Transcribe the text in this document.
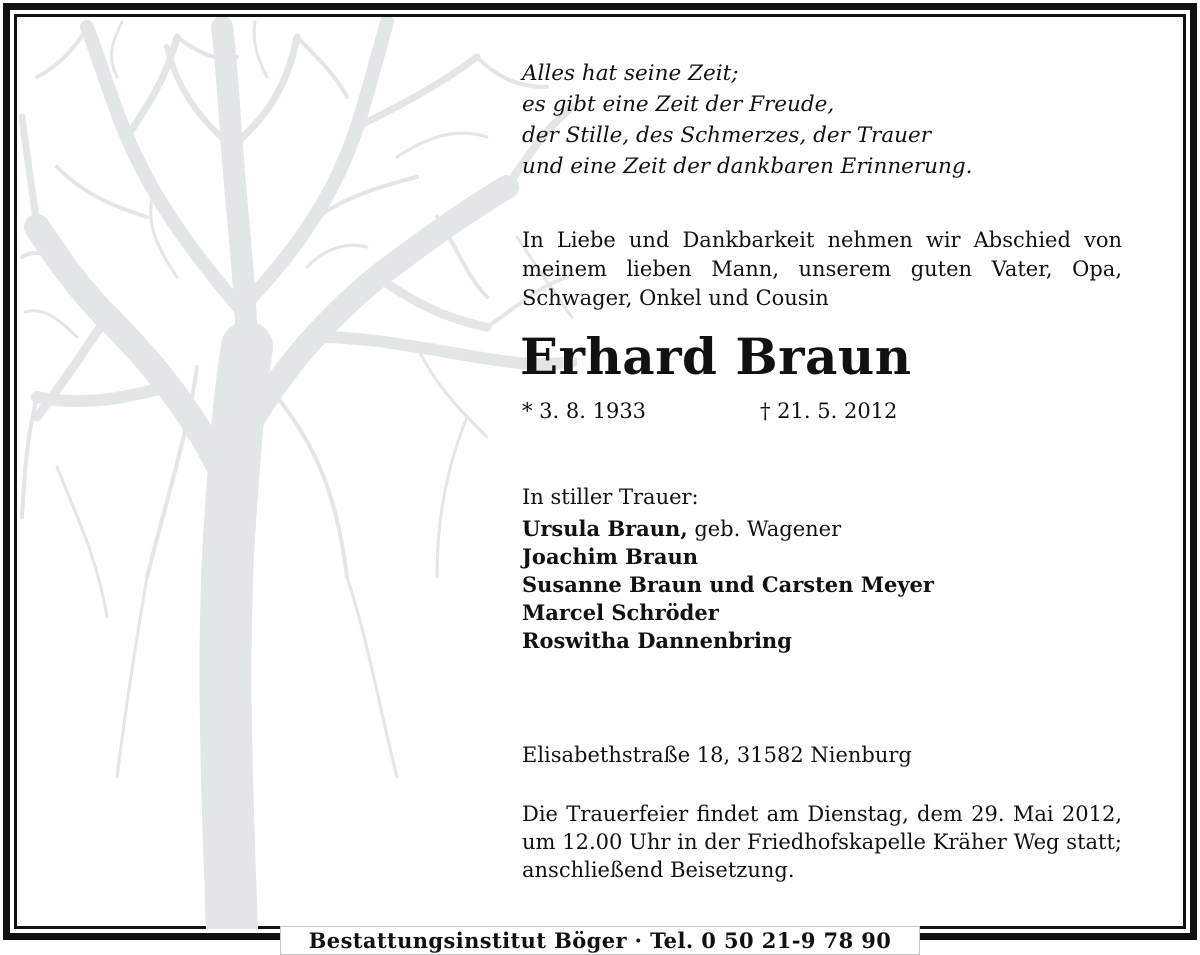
Alles hat seine Zeit;
es gibt eine Zeit der Freude,
der Stille, des Schmerzes, der Trauer
und eine Zeit der dankbaren Erinnerung.
In Liebe und Dankbarkeit nehmen wir Abschied von meinem lieben Mann, unserem guten Vater, Opa, Schwager, Onkel und Cousin
Erhard Braun
* 3. 8. 1933	† 21. 5. 2012
In stiller Trauer:
Ursula Braun, geb. Wagener
Joachim Braun
Susanne Braun und Carsten Meyer
Marcel Schröder
Roswitha Dannenbring
Elisabethstraße 18, 31582 Nienburg
Die Trauerfeier findet am Dienstag, dem 29. Mai 2012, um 12.00 Uhr in der Friedhofskapelle Kräher Weg statt; anschließend Beisetzung.
Bestattungsinstitut Böger · Tel. 0 50 21-9 78 90
